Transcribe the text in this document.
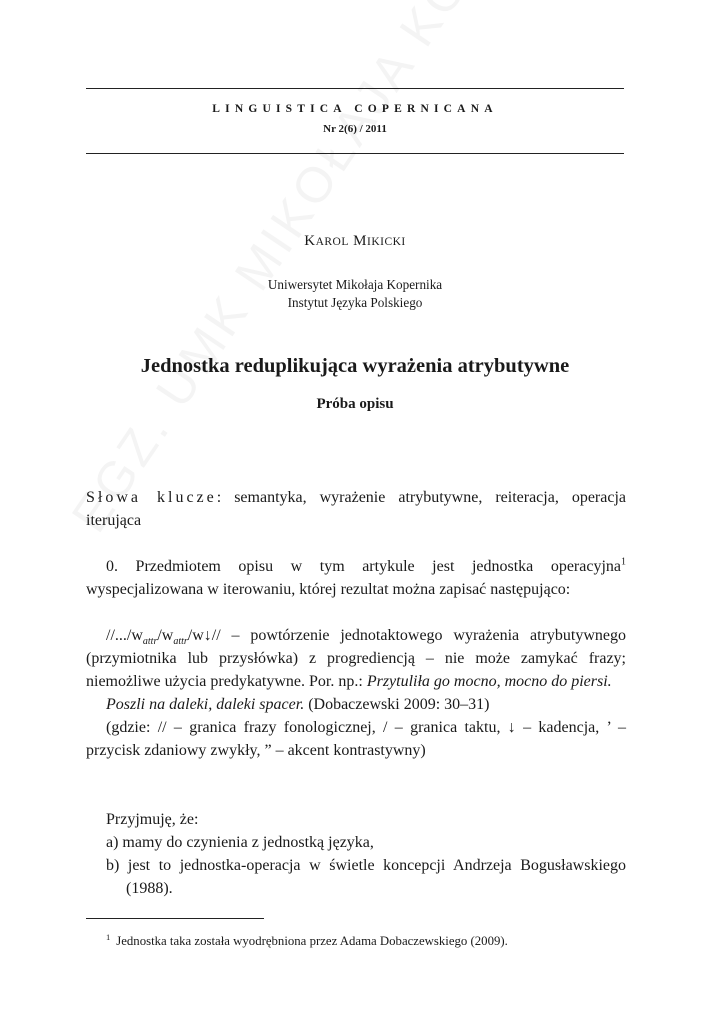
LINGUISTICA COPERNICANA
Nr 2(6) / 2011
KAROL MIKICKI
Uniwersytet Mikołaja Kopernika
Instytut Języka Polskiego
Jednostka reduplikująca wyrażenia atrybutywne
Próba opisu

Słowa klucze: semantyka, wyrażenie atrybutywne, reiteracja, operacja iterująca

0. Przedmiotem opisu w tym artykule jest jednostka operacyjna$^1$ wyspecjalizowana w iterowaniu, której rezultat można zapisać następująco:

$//.../w_{attr}/w_{attr}/w↓//$ – powtórzenie jednotaktowego wyrażenia atrybutywnego (przymiotnika lub przysłówka) z progrediencją – nie może zamykać frazy; niemożliwe użycia predykatywne. Por. np.: Przytuliła go mocno, mocno do piersi.

Poszli na daleki, daleki spacer. (Dobaczewski 2009: 30–31)

(gdzie: // – granica frazy fonologicznej, / – granica taktu, ↓ – kadencja, ’ – przycisk zdaniowy zwykły, ” – akcent kontrastywny)

Przyjmuję, że:

a) mamy do czynienia z jednostką języka,

b) jest to jednostka-operacja w świetle koncepcji Andrzeja Bogusławskiego (1988).

$^1$ Jednostka taka została wyodrębniona przez Adama Dobaczewskiego (2009).
